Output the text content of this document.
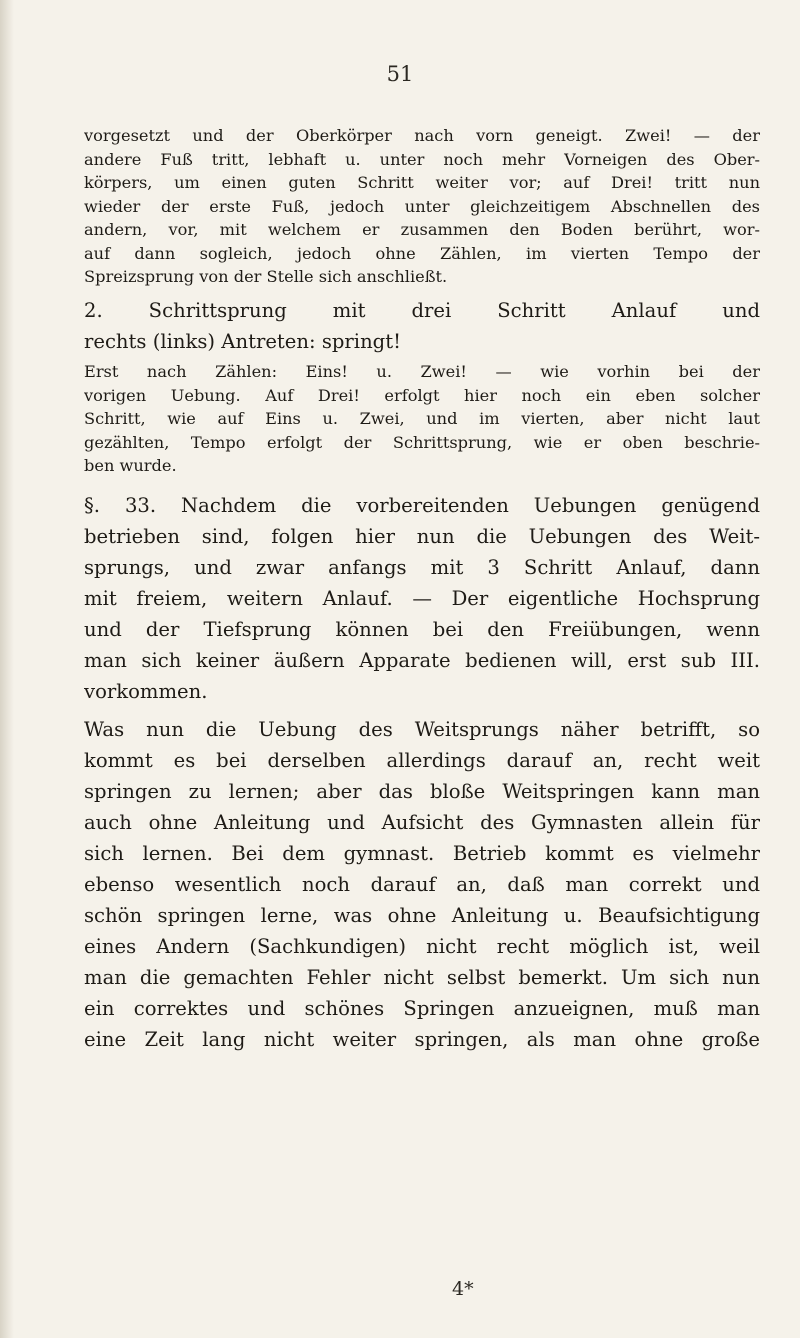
51
vorgesetzt und der Oberkörper nach vorn geneigt. Zwei! — der
andere Fuß tritt, lebhaft u. unter noch mehr Vorneigen des Ober-
körpers, um einen guten Schritt weiter vor; auf Drei! tritt nun
wieder der erste Fuß, jedoch unter gleichzeitigem Abschnellen des
andern, vor, mit welchem er zusammen den Boden berührt, wor-
auf dann sogleich, jedoch ohne Zählen, im vierten Tempo der
Spreizsprung von der Stelle sich anschließt.
2. Schrittsprung mit drei Schritt Anlauf und
rechts (links) Antreten: springt!
Erst nach Zählen: Eins! u. Zwei! — wie vorhin bei der
vorigen Uebung. Auf Drei! erfolgt hier noch ein eben solcher
Schritt, wie auf Eins u. Zwei, und im vierten, aber nicht laut
gezählten, Tempo erfolgt der Schrittsprung, wie er oben beschrie-
ben wurde.
§. 33. Nachdem die vorbereitenden Uebungen genügend
betrieben sind, folgen hier nun die Uebungen des Weit-
sprungs, und zwar anfangs mit 3 Schritt Anlauf, dann
mit freiem, weitern Anlauf. — Der eigentliche Hochsprung
und der Tiefsprung können bei den Freiübungen, wenn
man sich keiner äußern Apparate bedienen will, erst sub III.
vorkommen.
Was nun die Uebung des Weitsprungs näher betrifft, so
kommt es bei derselben allerdings darauf an, recht weit
springen zu lernen; aber das bloße Weitspringen kann man
auch ohne Anleitung und Aufsicht des Gymnasten allein für
sich lernen. Bei dem gymnast. Betrieb kommt es vielmehr
ebenso wesentlich noch darauf an, daß man correkt und
schön springen lerne, was ohne Anleitung u. Beaufsichtigung
eines Andern (Sachkundigen) nicht recht möglich ist, weil
man die gemachten Fehler nicht selbst bemerkt. Um sich nun
ein correktes und schönes Springen anzueignen, muß man
eine Zeit lang nicht weiter springen, als man ohne große
4*
